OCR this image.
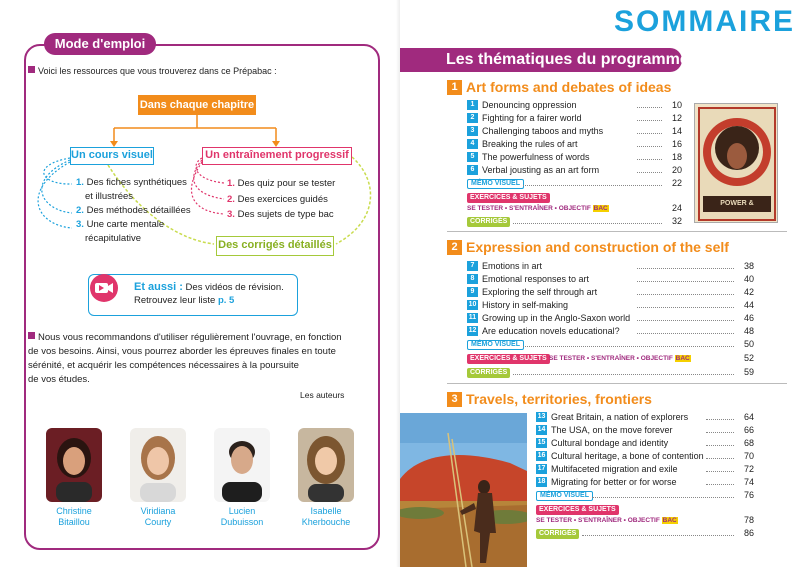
Mode d'emploi
Voici les ressources que vous trouverez dans ce Prépabac :
Dans chaque chapitre
Un cours visuel	Un entraînement progressif
1. Des fiches synthétiques
et illustrées
2. Des méthodes détaillées
3. Une carte mentale
récapitulative
1. Des quiz pour se tester
2. Des exercices guidés
3. Des sujets de type bac
Des corrigés détaillés
Et aussi : Des vidéos de révision.
Retrouvez leur liste p. 5
Nous vous recommandons d'utiliser régulièrement l'ouvrage, en fonction
de vos besoins. Ainsi, vous pourrez aborder les épreuves finales en toute
sérénité, et acquérir les compétences nécessaires à la poursuite
de vos études.
Les auteurs
Christine
Bitaillou
Viridiana
Courty
Lucien
Dubuisson
Isabelle
Kherbouche
SOMMAIRE
Les thématiques du programme
POWER & EQUALITY
1 Art forms and debates of ideas
1 Denouncing oppression	10
2 Fighting for a fairer world	12
3 Challenging taboos and myths	14
4 Breaking the rules of art	16
5 The powerfulness of words	18
6 Verbal jousting as an art form	20
MÉMO VISUEL	22
EXERCICES & SUJETS
SE TESTER • S'ENTRAÎNER • OBJECTIF BAC	24
CORRIGÉS	32
2 Expression and construction of the self
7 Emotions in art	38
8 Emotional responses to art	40
9 Exploring the self through art	42
10 History in self-making	44
11 Growing up in the Anglo-Saxon world	46
12 Are education novels educational?	48
MÉMO VISUEL	50
EXERCICES & SUJETS SE TESTER • S'ENTRAÎNER • OBJECTIF BAC	52
CORRIGÉS	59
3 Travels, territories, frontiers
13 Great Britain, a nation of explorers	64
14 The USA, on the move forever	66
15 Cultural bondage and identity	68
16 Cultural heritage, a bone of contention	70
17 Multifaceted migration and exile	72
18 Migrating for better or for worse	74
MÉMO VISUEL	76
EXERCICES & SUJETS
SE TESTER • S'ENTRAÎNER • OBJECTIF BAC	78
CORRIGÉS	86
